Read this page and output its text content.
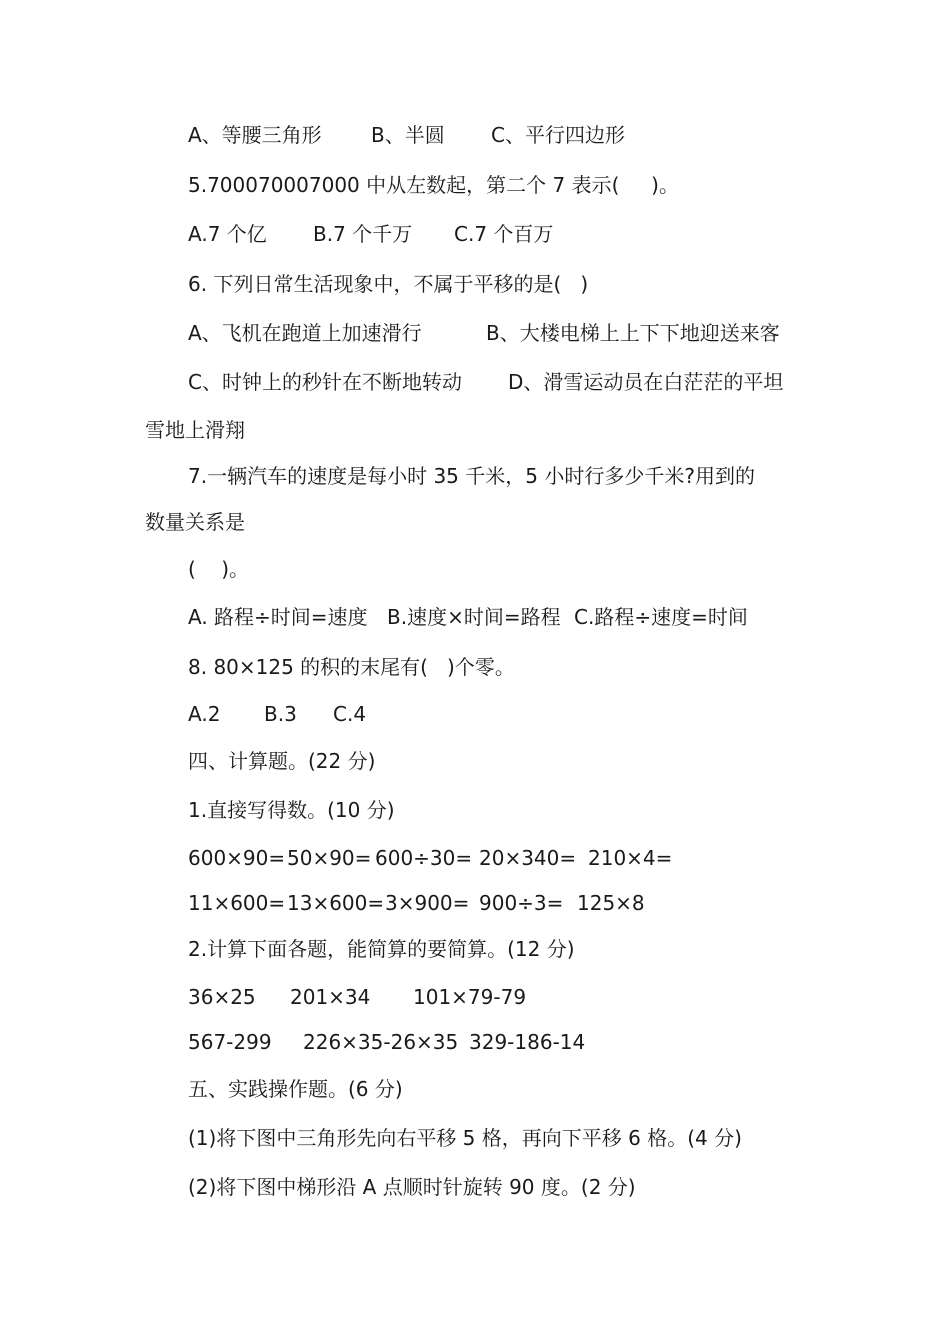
A、等腰三角形

B、半圆

C、平行四边形

5.700070007000 中从左数起，第二个 7 表示(     )。

A.7 个亿

B.7 个千万

C.7 个百万

6. 下列日常生活现象中，不属于平移的是(   )

A、飞机在跑道上加速滑行

	B、大楼电梯上上下下地迎送来客

C、时钟上的秒针在不断地转动

D、滑雪运动员在白茫茫的平坦

雪地上滑翔
7.一辆汽车的速度是每小时 35 千米，5 小时行多少千米?用到的
数量关系是
(    )。

A. 路程÷时间=速度

B.速度×时间=路程

C.路程÷速度=时间

8. 80×125 的积的末尾有(   )个零。

A.2

B.3

C.4

四、计算题。(22 分)
1.直接写得数。(10 分)

600×90=

50×90=

600÷30=

20×340=

210×4=

11×600=

13×600=

3×900=

900÷3=

125×8

2.计算下面各题，能简算的要简算。(12 分)

36×25

201×34

101×79-79

567-299

226×35-26×35

329-186-14

五、实践操作题。(6 分)
(1)将下图中三角形先向右平移 5 格，再向下平移 6 格。(4 分)
(2)将下图中梯形沿 A 点顺时针旋转 90 度。(2 分)
